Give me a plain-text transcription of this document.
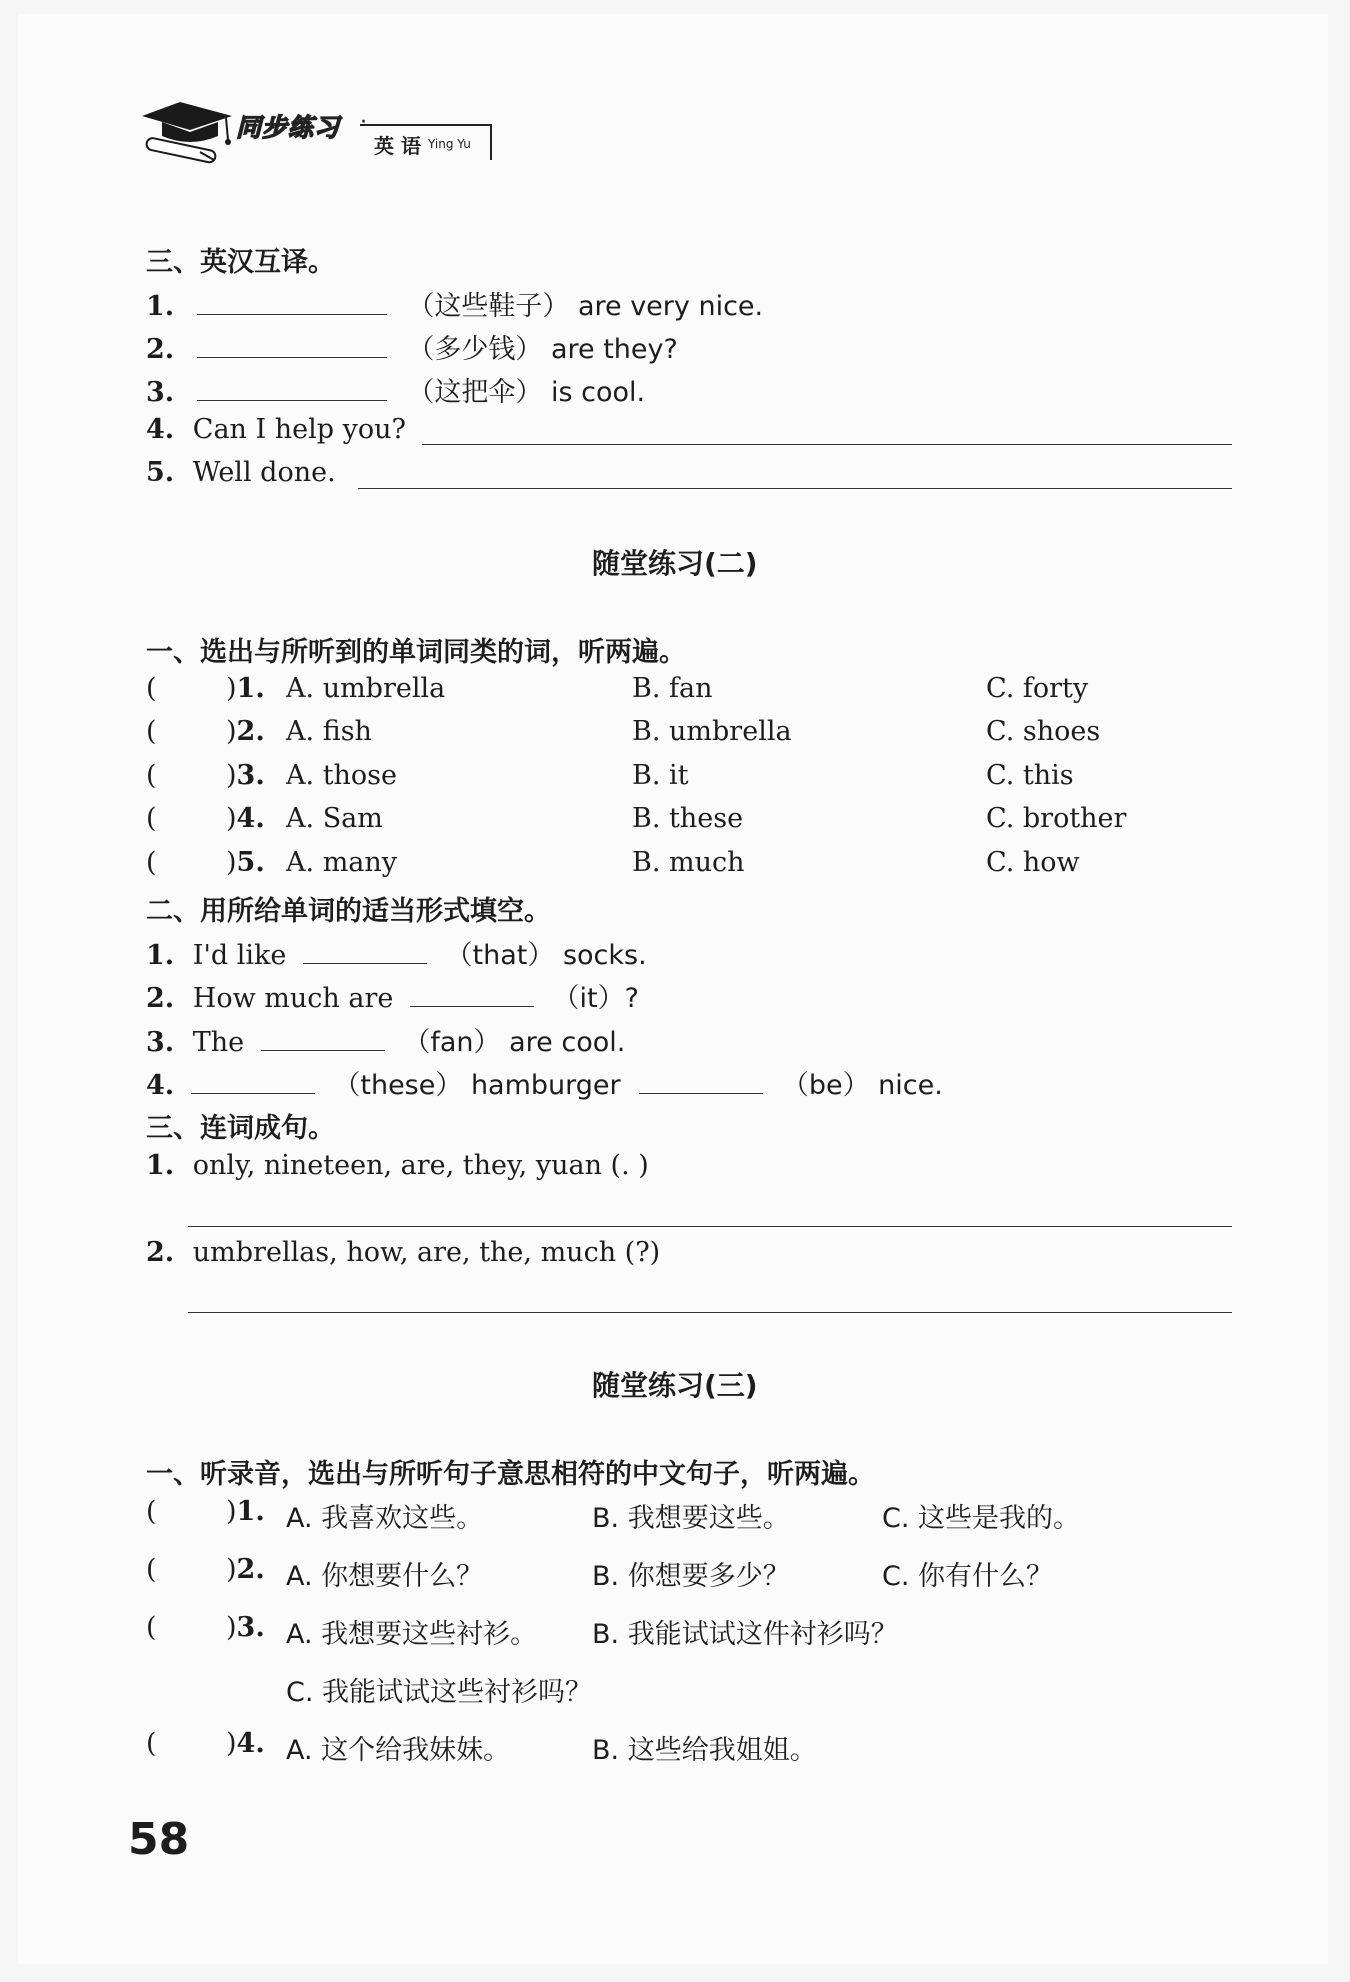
同步练习 ·
英 语 Ying Yu
三、英汉互译。
1.	（这些鞋子） are very nice.
2.	（多少钱） are they?
3.	（这把伞） is cool.
4. Can I help you?
5. Well done.
随堂练习(二)
一、选出与所听到的单词同类的词，听两遍。
(	)1. A. umbrella	B. fan	C. forty
(	)2. A. fish	B. umbrella	C. shoes
(	)3. A. those	B. it	C. this
(	)4. A. Sam	B. these	C. brother
(	)5. A. many	B. much	C. how
二、用所给单词的适当形式填空。
1. I'd like	（that） socks.
2. How much are	（it）?
3. The	（fan） are cool.
4.	（these） hamburger	（be） nice.
三、连词成句。
1. only, nineteen, are, they, yuan (. )
2. umbrellas, how, are, the, much (?)
随堂练习(三)
一、听录音，选出与所听句子意思相符的中文句子，听两遍。
(	)1. A. 我喜欢这些。	B. 我想要这些。	C. 这些是我的。
(	)2. A. 你想要什么？	B. 你想要多少？	C. 你有什么？
(	)3. A. 我想要这些衬衫。 B. 我能试试这件衬衫吗？
C. 我能试试这些衬衫吗？
(	)4. A. 这个给我妹妹。	B. 这些给我姐姐。
58
